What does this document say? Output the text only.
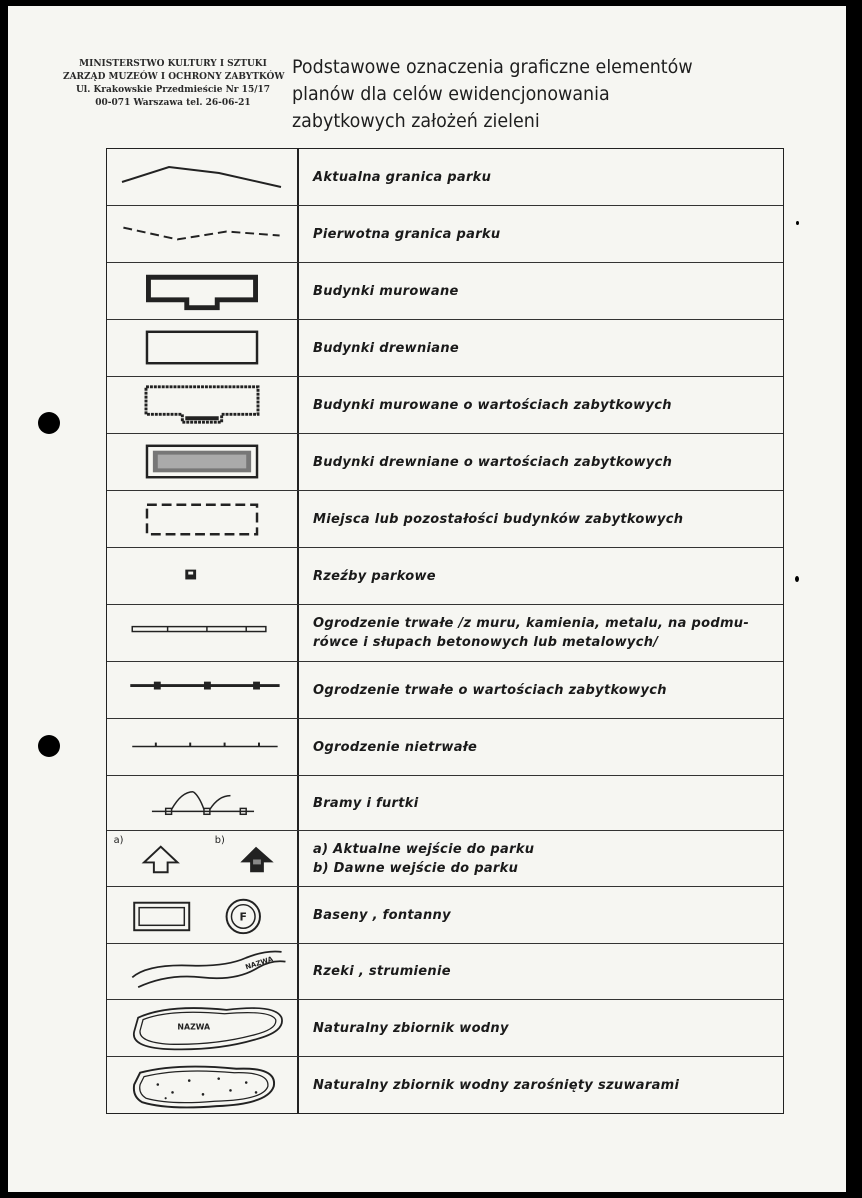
MINISTERSTWO KULTURY I SZTUKI
ZARZĄD MUZEÓW I OCHRONY ZABYTKÓW
Ul. Krakowskie Przedmieście Nr 15/17
00-071 Warszawa tel. 26-06-21
Podstawowe oznaczenia graficzne elementów
planów dla celów ewidencjonowania
zabytkowych założeń zieleni
Aktualna granica parku
Pierwotna granica parku
Budynki murowane
Budynki drewniane
Budynki murowane o wartościach zabytkowych
Budynki drewniane o wartościach zabytkowych
Miejsca lub pozostałości budynków zabytkowych
Rzeźby parkowe
Ogrodzenie trwałe /z muru, kamienia, metalu, na podmu-
rówce i słupach betonowych lub metalowych/
Ogrodzenie trwałe o wartościach zabytkowych
Ogrodzenie nietrwałe
Bramy i furtki
a)	b)
a) Aktualne wejście do parku
b) Dawne wejście do parku
F	Baseny , fontanny
NAZWA
Rzeki , strumienie
NAZWA	Naturalny zbiornik wodny
Naturalny zbiornik wodny zarośnięty szuwarami
